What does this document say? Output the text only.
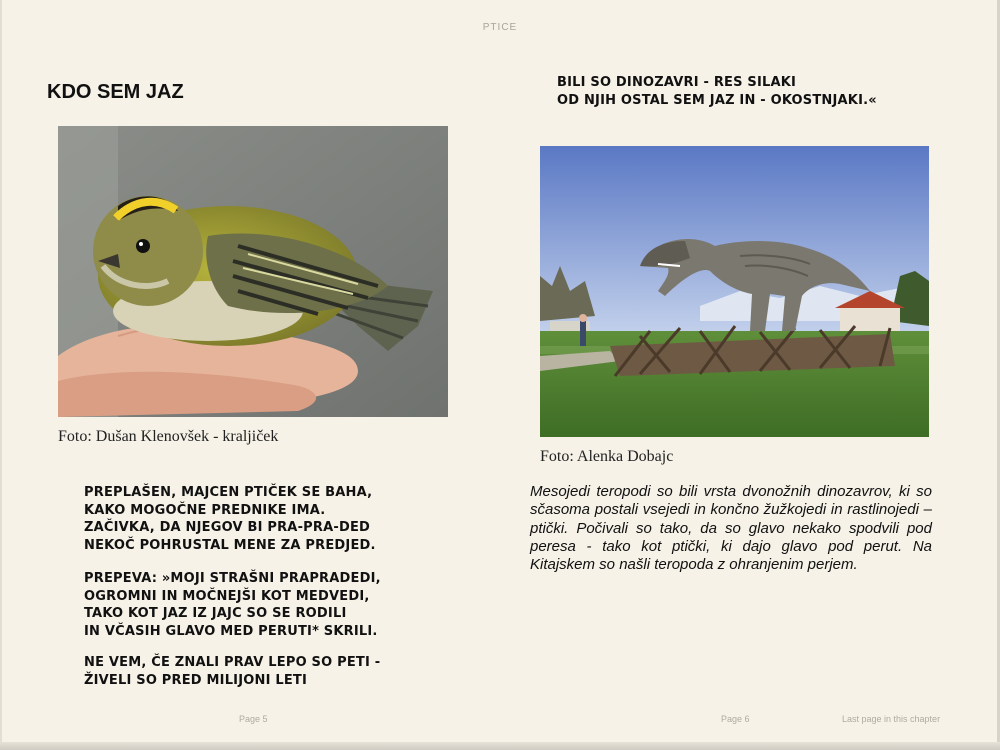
PTICE
KDO SEM JAZ
Foto: Dušan Klenovšek - kraljiček
PREPLAŠEN, MAJCEN PTIČEK SE BAHA,
KAKO MOGOČNE PREDNIKE IMA.
ZAČIVKA, DA NJEGOV BI PRA-PRA-DED
NEKOČ POHRUSTAL MENE ZA PREDJED.
PREPEVA: »MOJI STRAŠNI PRAPRADEDI,
OGROMNI IN MOČNEJŠI KOT MEDVEDI,
TAKO KOT JAZ IZ JAJC SO SE RODILI
IN VČASIH GLAVO MED PERUTI* SKRILI.
NE VEM, ČE ZNALI PRAV LEPO SO PETI -
ŽIVELI SO PRED MILIJONI LETI
Page 5
BILI SO DINOZAVRI - RES SILAKI
OD NJIH OSTAL SEM JAZ IN - OKOSTNJAKI.«
Foto: Alenka Dobajc
Mesojedi teropodi so bili vrsta dvonožnih dinozavrov, ki so sčasoma postali vsejedi in končno žužkojedi in rastlinojedi – ptički. Počivali so tako, da so glavo nekako spodvili pod peresa - tako kot ptički, ki dajo glavo pod perut. Na Kitajskem so našli teropoda z ohranjenim perjem.
Page 6	Last page in this chapter
